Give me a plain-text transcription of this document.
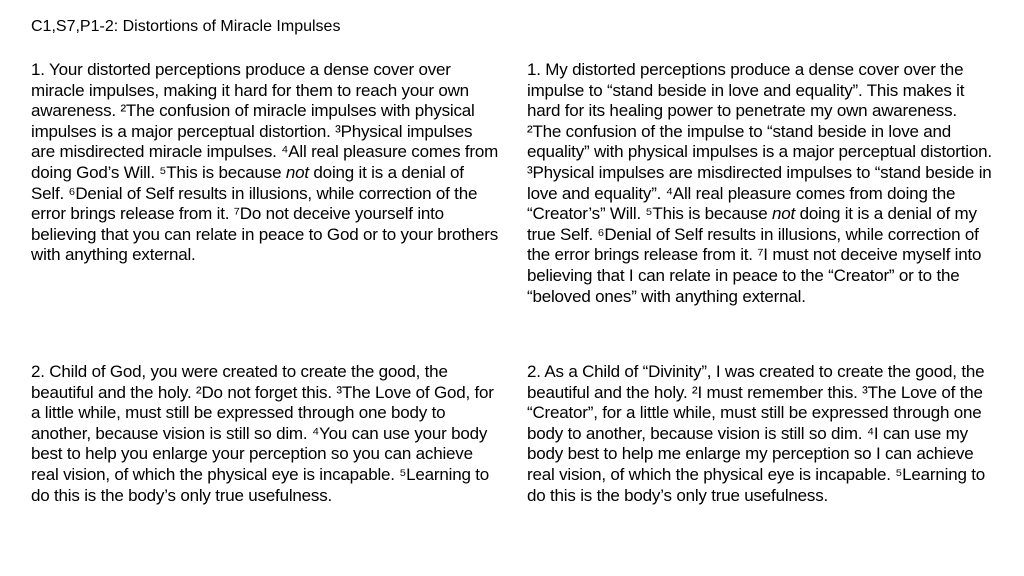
C1,S7,P1-2: Distortions of Miracle Impulses

1. Your distorted perceptions produce a dense cover over miracle impulses, making it hard for them to reach your own awareness. ²The confusion of miracle impulses with physical impulses is a major perceptual distortion. ³Physical impulses are misdirected miracle impulses. ⁴All real pleasure comes from doing God’s Will. ⁵This is because not doing it is a denial of Self. ⁶Denial of Self results in illusions, while correction of the error brings release from it. ⁷Do not deceive yourself into believing that you can relate in peace to God or to your brothers with anything external.

1. My distorted perceptions produce a dense cover over the impulse to “stand beside in love and equality”. This makes it hard for its healing power to penetrate my own awareness. ²The confusion of the impulse to “stand beside in love and equality” with physical impulses is a major perceptual distortion. ³Physical impulses are misdirected impulses to “stand beside in love and equality”. ⁴All real pleasure comes from doing the “Creator’s” Will. ⁵This is because not doing it is a denial of my true Self. ⁶Denial of Self results in illusions, while correction of the error brings release from it. ⁷I must not deceive myself into believing that I can relate in peace to the “Creator” or to the “beloved ones” with anything external.

2. Child of God, you were created to create the good, the beautiful and the holy. ²Do not forget this. ³The Love of God, for a little while, must still be expressed through one body to another, because vision is still so dim. ⁴You can use your body best to help you enlarge your perception so you can achieve real vision, of which the physical eye is incapable. ⁵Learning to do this is the body’s only true usefulness.

2. As a Child of “Divinity”, I was created to create the good, the beautiful and the holy. ²I must remember this. ³The Love of the “Creator”, for a little while, must still be expressed through one body to another, because vision is still so dim. ⁴I can use my body best to help me enlarge my perception so I can achieve real vision, of which the physical eye is incapable. ⁵Learning to do this is the body’s only true usefulness.
